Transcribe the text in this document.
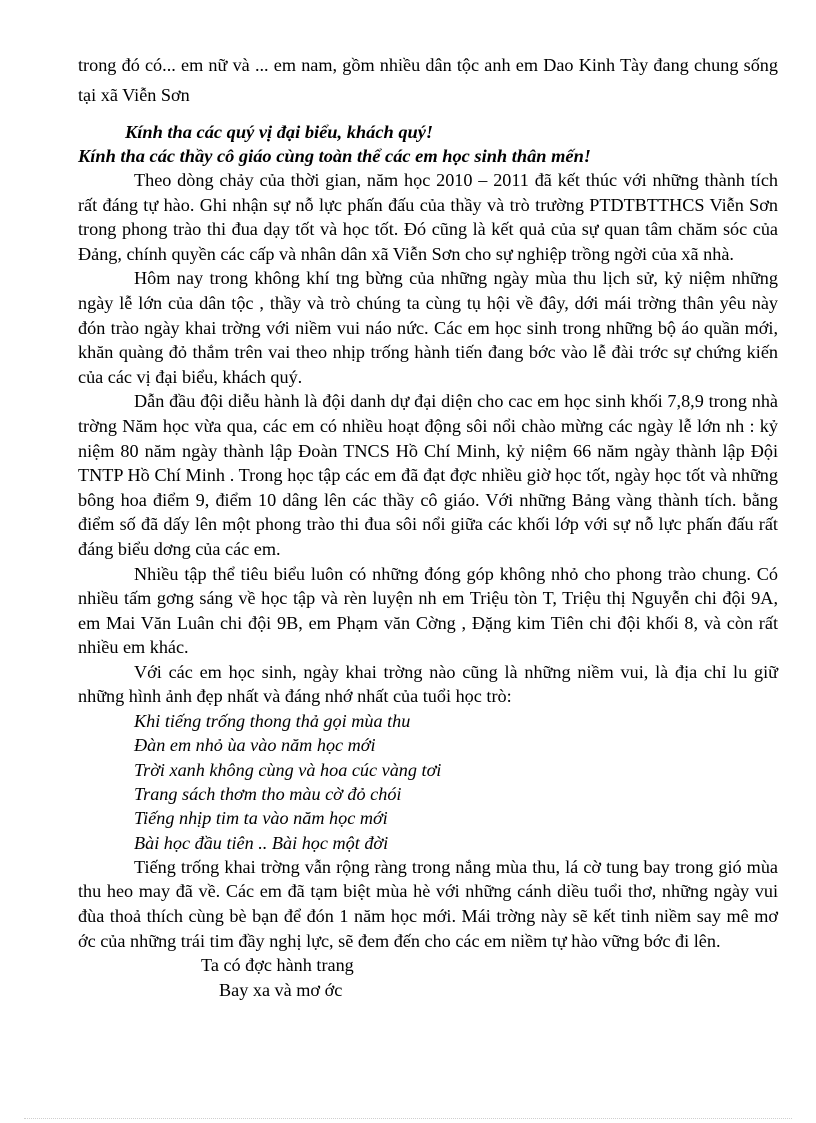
trong đó có... em nữ và ... em nam, gồm nhiều dân tộc anh em Dao Kinh Tày đang chung sống tại xã Viễn Sơn

Kính tha các quý vị đại biểu, khách quý!

Kính tha các thầy cô giáo cùng toàn thể các em học sinh thân mến!

Theo dòng chảy của thời gian, năm học 2010 – 2011 đã kết thúc với những thành tích rất đáng tự hào. Ghi nhận sự nỗ lực phấn đấu của thầy và trò trường PTDTBTTHCS Viễn Sơn trong phong trào thi đua dạy tốt và học tốt. Đó cũng là kết quả của sự quan tâm chăm sóc của Đảng, chính quyền các cấp và nhân dân xã Viễn Sơn cho sự nghiệp trồng ngời của xã nhà.

Hôm nay trong không khí tng bừng của những ngày mùa thu lịch sử, kỷ niệm những ngày lễ lớn của dân tộc , thầy và trò chúng ta cùng tụ hội về đây, dới mái trờng thân yêu này đón trào ngày khai trờng với niềm vui náo nức. Các em học sinh trong những bộ áo quần mới, khăn quàng đỏ thắm trên vai theo nhịp trống hành tiến đang bớc vào lễ đài trớc sự chứng kiến của các vị đại biểu, khách quý.

Dẫn đầu đội diễu hành là đội danh dự đại diện cho cac em học sinh khối 7,8,9 trong nhà trờng Năm học vừa qua, các em có nhiều hoạt động sôi nổi chào mừng các ngày lễ lớn nh : kỷ niệm 80 năm ngày thành lập Đoàn TNCS Hồ Chí Minh, kỷ niệm 66 năm ngày thành lập Đội TNTP Hồ Chí Minh . Trong học tập các em đã đạt đợc nhiều giờ học tốt, ngày học tốt và những bông hoa điểm 9, điểm 10 dâng lên các thầy cô giáo. Với những Bảng vàng thành tích. bằng điểm số đã dấy lên một phong trào thi đua sôi nổi giữa các khối lớp với sự nỗ lực phấn đấu rất đáng biểu dơng của các em.

Nhiều tập thể tiêu biểu luôn có những đóng góp không nhỏ cho phong trào chung. Có nhiều tấm gơng sáng về học tập và rèn luyện nh em Triệu tòn T, Triệu thị Nguyễn chi đội 9A, em Mai Văn Luân chi đội 9B, em Phạm văn Cờng , Đặng kim Tiên chi đội khối 8, và còn rất nhiều em khác.

Với các em học sinh, ngày khai trờng nào cũng là những niềm vui, là địa chỉ lu giữ những hình ảnh đẹp nhất và đáng nhớ nhất của tuổi học trò:

Khi tiếng trống thong thả gọi mùa thu

Đàn em nhỏ ùa vào năm học mới

Trời xanh không cùng và hoa cúc vàng tơi

Trang sách thơm tho màu cờ đỏ chói

Tiếng nhịp tim ta vào năm học mới

Bài học đầu tiên .. Bài học một đời

Tiếng trống khai trờng vẫn rộng ràng trong nắng mùa thu, lá cờ tung bay trong gió mùa thu heo may đã về. Các em đã tạm biệt mùa hè với những cánh diều tuổi thơ, những ngày vui đùa thoả thích cùng bè bạn để đón 1 năm học mới. Mái trờng này sẽ kết tinh niềm say mê mơ ớc của những trái tim đầy nghị lực, sẽ đem đến cho các em niềm tự hào vững bớc đi lên.

Ta có đợc hành trang

Bay xa và mơ ớc
